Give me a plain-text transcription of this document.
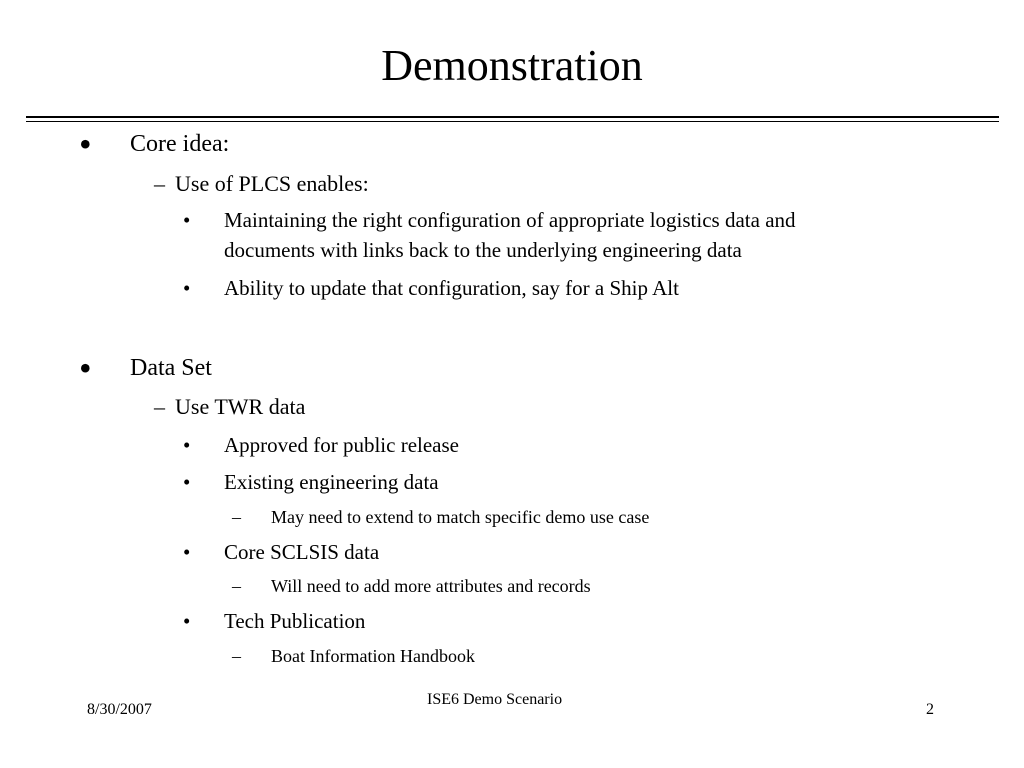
Demonstration
• Core idea:
– Use of PLCS enables:
• Maintaining the right configuration of appropriate logistics data and
documents with links back to the underlying engineering data
• Ability to update that configuration, say for a Ship Alt
• Data Set
– Use TWR data
• Approved for public release
• Existing engineering data
– May need to extend to match specific demo use case
• Core SCLSIS data
– Will need to add more attributes and records
• Tech Publication
– Boat Information Handbook
8/30/2007
ISE6 Demo Scenario
2
